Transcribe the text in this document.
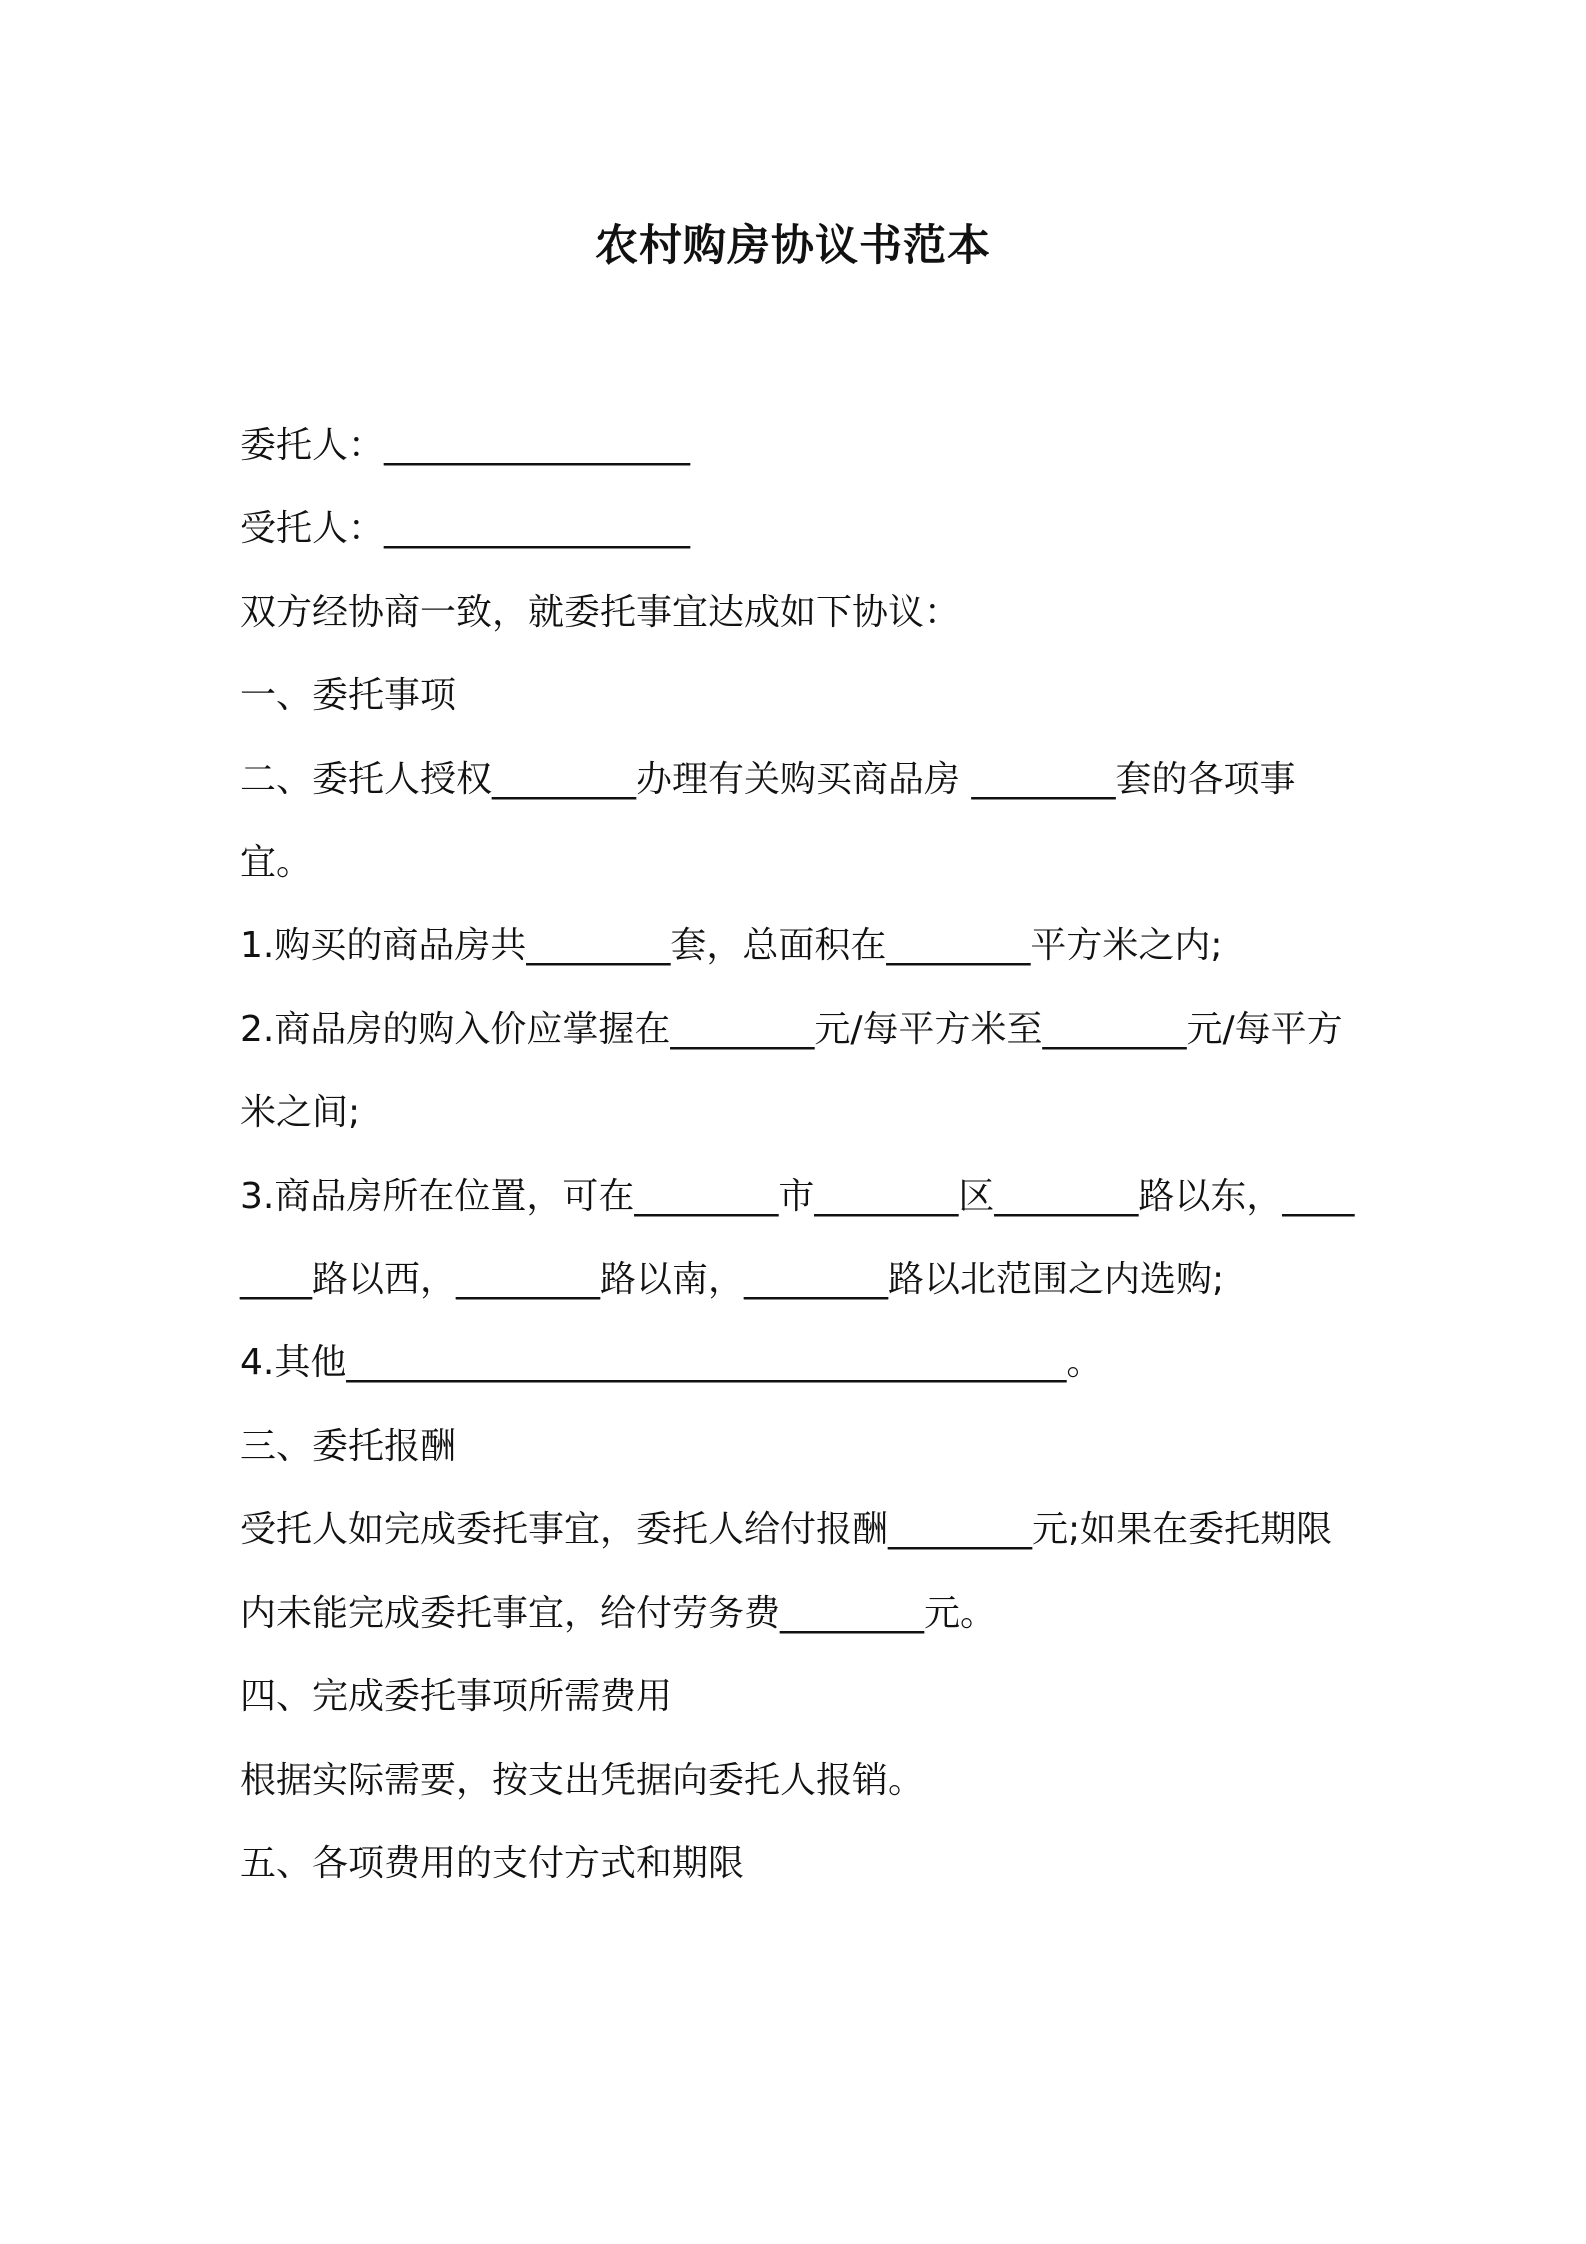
农村购房协议书范本

委托人：_________________

受托人：_________________

双方经协商一致，就委托事宜达成如下协议：

一、委托事项

二、委托人授权________办理有关购买商品房 ________套的各项事宜。

1.购买的商品房共________套，总面积在________平方米之内;

2.商品房的购入价应掌握在________元/每平方米至________元/每平方米之间;

3.商品房所在位置，可在________市________区________路以东，________路以西，________路以南，________路以北范围之内选购;

4.其他________________________________________。

三、委托报酬

受托人如完成委托事宜，委托人给付报酬________元;如果在委托期限内未能完成委托事宜，给付劳务费________元。

四、完成委托事项所需费用

根据实际需要，按支出凭据向委托人报销。

五、各项费用的支付方式和期限
